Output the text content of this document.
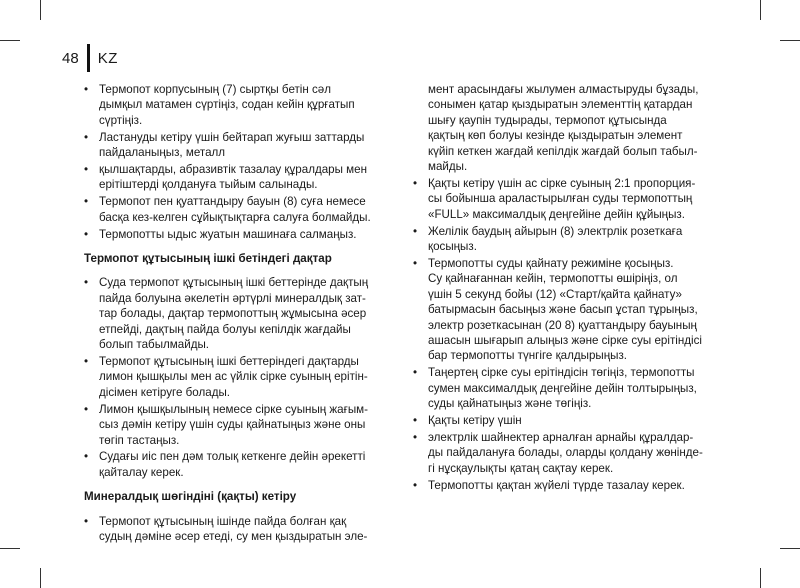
48 KZ
• Термопот корпусының (7) сыртқы бетін сәл
дымқыл матамен сүртіңіз, содан кейін құрғатып
сүртіңіз.
• Ластануды кетіру үшін бейтарап жуғыш заттарды
пайдаланыңыз, металл
• қылшақтарды, абразивтік тазалау құралдары мен
ерітіштерді қолдануға тыйым салынады.
• Термопот пен қуаттандыру бауын (8) суға немесе
басқа кез-келген сұйықтықтарға салуға болмайды.
• Термопотты ыдыс жуатын машинаға салмаңыз.
Термопот құтысының ішкі бетіндегі дақтар
• Суда термопот құтысының ішкі беттерінде дақтың
пайда болуына әкелетін әртүрлі минералдық зат-
тар болады, дақтар термопоттың жұмысына әсер
етпейді, дақтың пайда болуы кепілдік жағдайы
болып табылмайды.
• Термопот құтысының ішкі беттеріндегі дақтарды
лимон қышқылы мен ас үйлік сірке суының ерітін-
дісімен кетіруге болады.
• Лимон қышқылының немесе сірке суының жағым-
сыз дәмін кетіру үшін суды қайнатыңыз және оны
төгіп тастаңыз.
• Судағы иіс пен дәм толық кеткенге дейін әрекетті
қайталау керек.
Минералдық шөгіндіні (қақты) кетіру
• Термопот құтысының ішінде пайда болған қақ
судың дәміне әсер етеді, су мен қыздыратын эле-
мент арасындағы жылумен алмастыруды бұзады,
сонымен қатар қыздыратын элементтің қатардан
шығу қаупін тудырады, термопот құтысында
қақтың көп болуы кезінде қыздыратын элемент
күйіп кеткен жағдай кепілдік жағдай болып табыл-
майды.
• Қақты кетіру үшін ас сірке суының 2:1 пропорция-
сы бойынша араластырылған суды термопоттың
«FULL» максималдық деңгейіне дейін құйыңыз.
• Желілік баудың айырын (8) электрлік розеткаға
қосыңыз.
• Термопотты суды қайнату режиміне қосыңыз.
Су қайнағаннан кейін, термопотты өшіріңіз, ол
үшін 5 секунд бойы (12) «Старт/қайта қайнату»
батырмасын басыңыз және басып ұстап тұрыңыз,
электр розеткасынан (20 8) қуаттандыру бауының
ашасын шығарып алыңыз және сірке суы ерітіндісі
бар термопотты түнгіге қалдырыңыз.
• Таңертең сірке суы ерітіндісін төгіңіз, термопотты
сумен максималдық деңгейіне дейін толтырыңыз,
суды қайнатыңыз және төгіңіз.
• Қақты кетіру үшін
• электрлік шайнектер арналған арнайы құралдар-
ды пайдалануға болады, оларды қолдану жөнінде-
гі нұсқаулықты қатаң сақтау керек.
• Термопотты қақтан жүйелі түрде тазалау керек.
